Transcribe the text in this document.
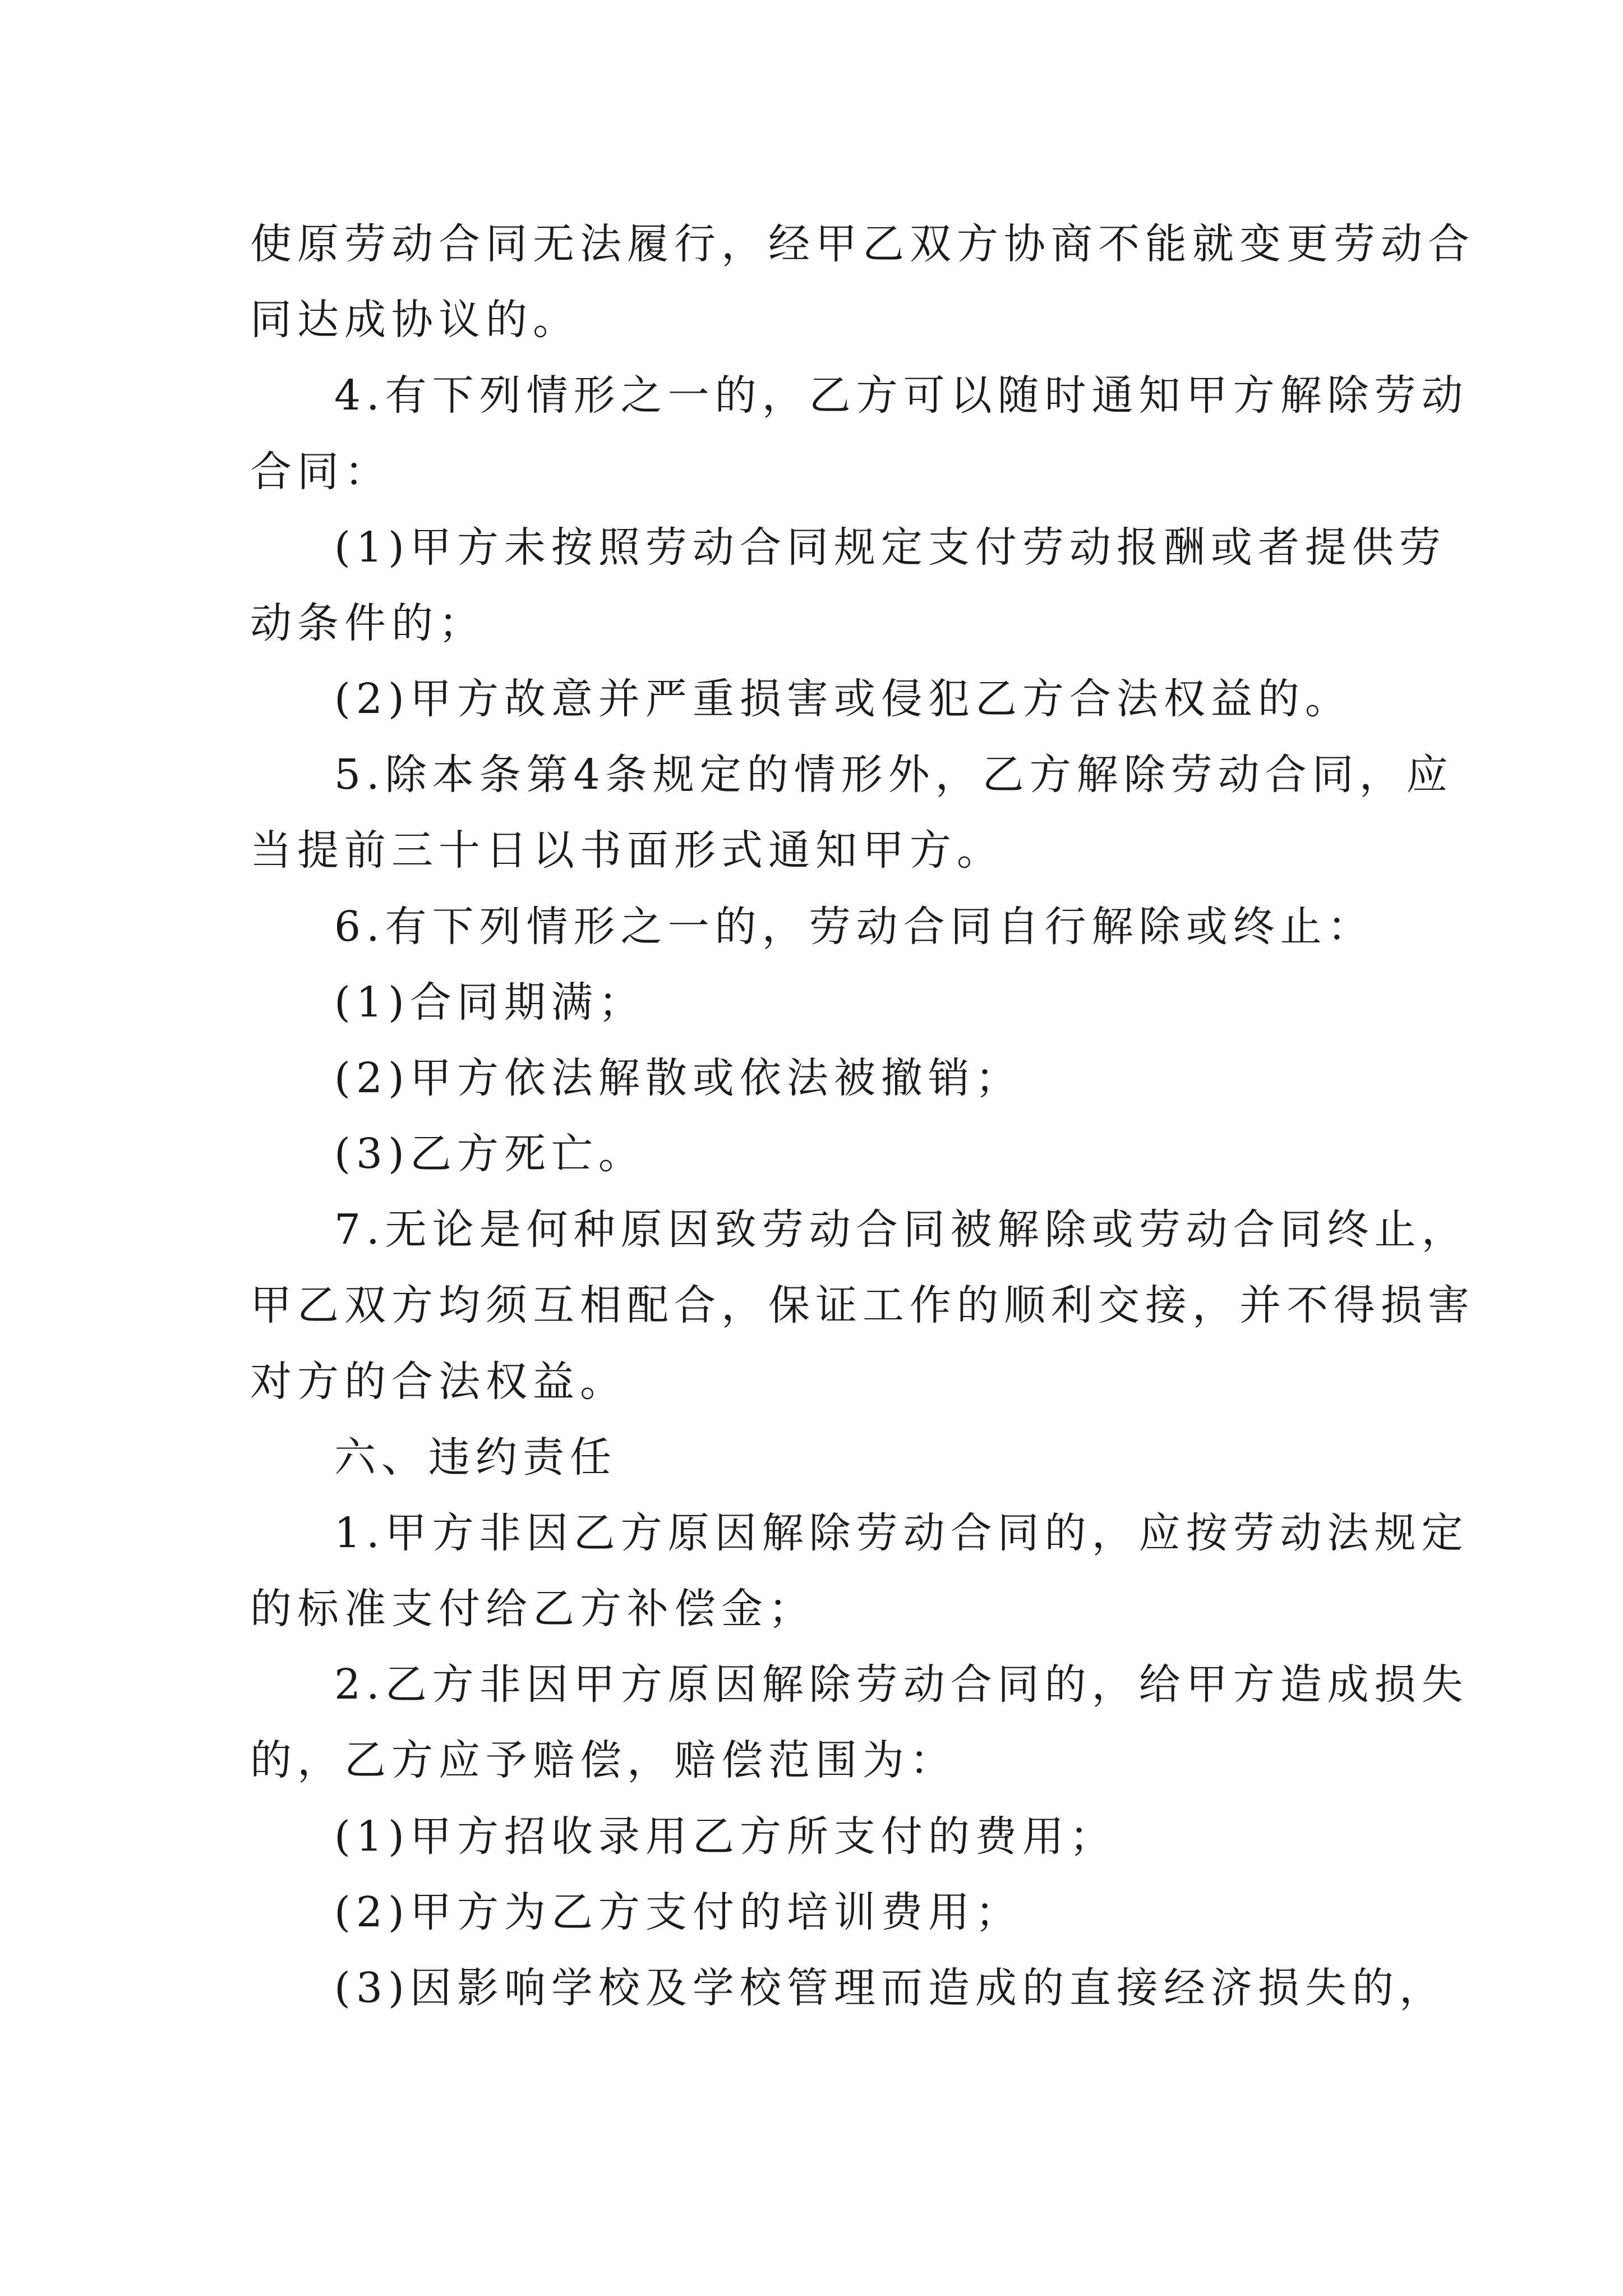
使原劳动合同无法履行，经甲乙双方协商不能就变更劳动合
同达成协议的。
4.有下列情形之一的，乙方可以随时通知甲方解除劳动
合同：
(1)甲方未按照劳动合同规定支付劳动报酬或者提供劳
动条件的；
(2)甲方故意并严重损害或侵犯乙方合法权益的。
5.除本条第4条规定的情形外，乙方解除劳动合同，应
当提前三十日以书面形式通知甲方。
6.有下列情形之一的，劳动合同自行解除或终止：
(1)合同期满；
(2)甲方依法解散或依法被撤销；
(3)乙方死亡。
7.无论是何种原因致劳动合同被解除或劳动合同终止，
甲乙双方均须互相配合，保证工作的顺利交接，并不得损害
对方的合法权益。
六、违约责任
1.甲方非因乙方原因解除劳动合同的，应按劳动法规定
的标准支付给乙方补偿金；
2.乙方非因甲方原因解除劳动合同的，给甲方造成损失
的，乙方应予赔偿，赔偿范围为：
(1)甲方招收录用乙方所支付的费用；
(2)甲方为乙方支付的培训费用；
(3)因影响学校及学校管理而造成的直接经济损失的，
